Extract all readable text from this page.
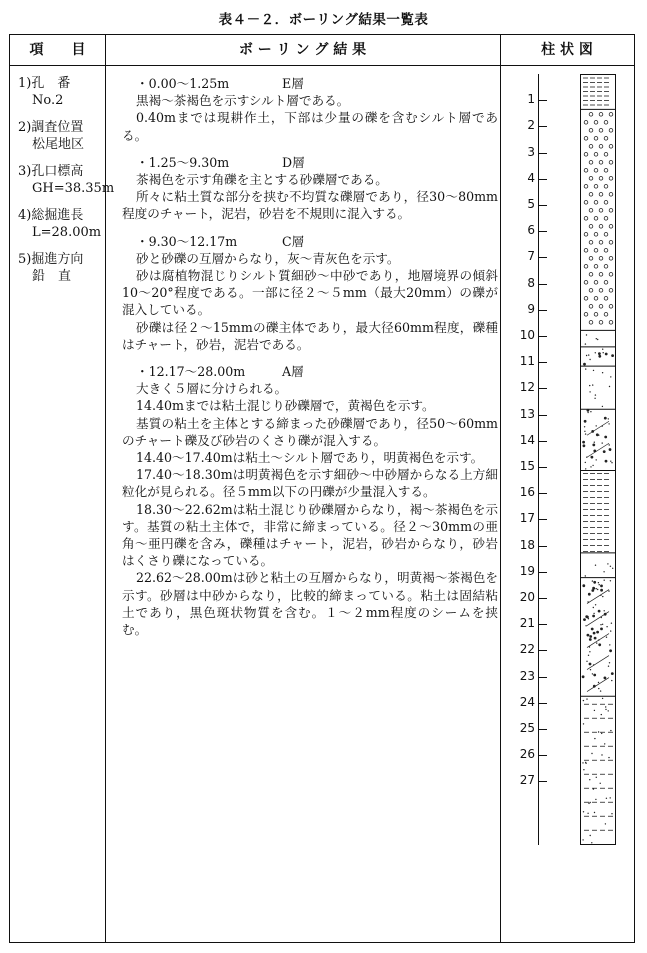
表４－２．ボーリング結果一覧表
項　　目	ボ ー リ ン グ 結 果	柱 状 図
1)孔　番
No.2
2)調査位置
松尾地区
3)孔口標高
GH=38.35m
4)総掘進長
L=28.00m
5)掘進方向
鉛　直
・0.00～1.25m	E層
黒褐～茶褐色を示すシルト層である。
0.40mまでは現耕作土，下部は少量の礫を含むシルト層である。
・1.25～9.30m	D層
茶褐色を示す角礫を主とする砂礫層である。
所々に粘土質な部分を挟む不均質な礫層であり，径30～80mm程度のチャート，泥岩，砂岩を不規則に混入する。
・9.30～12.17m	C層
砂と砂礫の互層からなり，灰～青灰色を示す。
砂は腐植物混じりシルト質細砂～中砂であり，地層境界の傾斜10～20°程度である。一部に径２～５mm（最大20mm）の礫が混入している。
砂礫は径２～15mmの礫主体であり，最大径60mm程度，礫種はチャート，砂岩，泥岩である。
・12.17～28.00m	A層
大きく５層に分けられる。
14.40mまでは粘土混じり砂礫層で，黄褐色を示す。
基質の粘土を主体とする締まった砂礫層であり，径50～60mmのチャート礫及び砂岩のくさり礫が混入する。
14.40～17.40mは粘土～シルト層であり，明黄褐色を示す。
17.40～18.30mは明黄褐色を示す細砂～中砂層からなる上方細粒化が見られる。径５mm以下の円礫が少量混入する。
18.30～22.62mは粘土混じり砂礫層からなり，褐～茶褐色を示す。基質の粘土主体で，非常に締まっている。径２～30mmの亜角～亜円礫を含み，礫種はチャート，泥岩，砂岩からなり，砂岩はくさり礫になっている。
22.62～28.00mは砂と粘土の互層からなり，明黄褐～茶褐色を示す。砂層は中砂からなり，比較的締まっている。粘土は固結粘土であり，黒色斑状物質を含む。１～２mm程度のシームを挟む。
1
2
3
4
5
6
7
8
9
10
11
12
13
14
15
16
17
18
19
20
21
22
23
24
25
26
27
